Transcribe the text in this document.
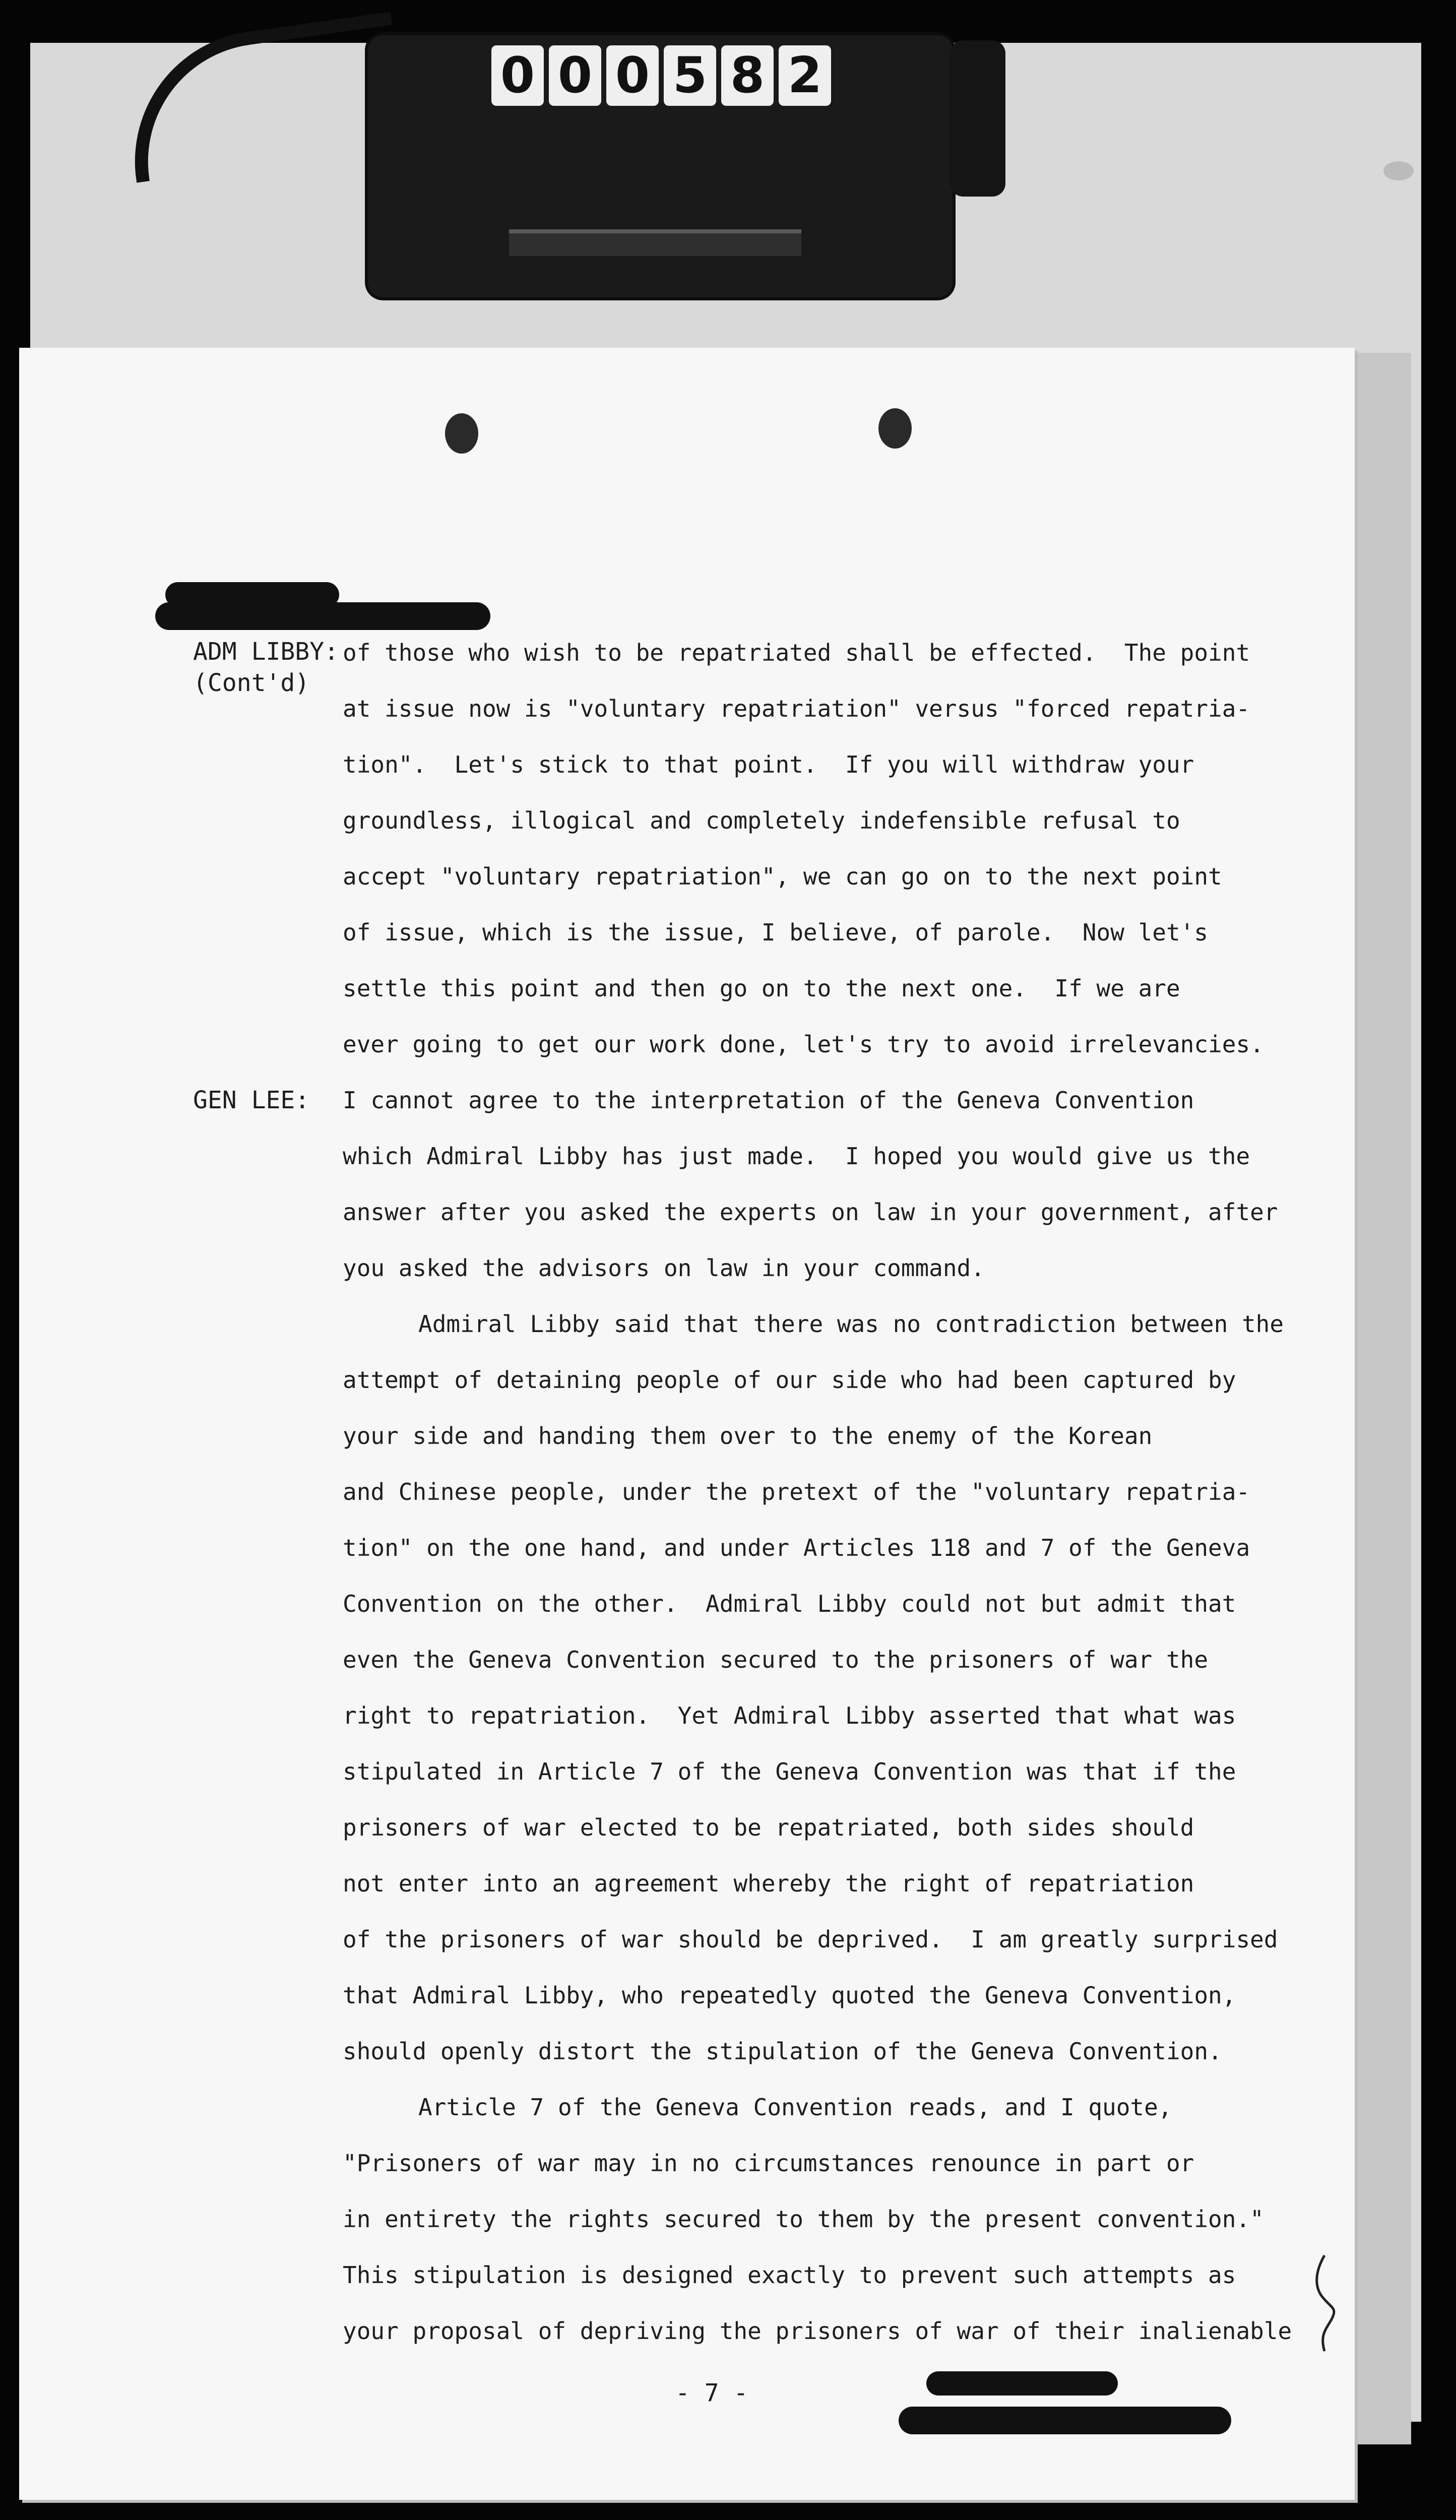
0 0 0 5 8 2
ADM LIBBY:
(Cont'd)
GEN LEE:
of those who wish to be repatriated shall be effected.  The point
at issue now is "voluntary repatriation" versus "forced repatria-
tion".  Let's stick to that point.  If you will withdraw your
groundless, illogical and completely indefensible refusal to
accept "voluntary repatriation", we can go on to the next point
of issue, which is the issue, I believe, of parole.  Now let's
settle this point and then go on to the next one.  If we are
ever going to get our work done, let's try to avoid irrelevancies.
I cannot agree to the interpretation of the Geneva Convention
which Admiral Libby has just made.  I hoped you would give us the
answer after you asked the experts on law in your government, after
you asked the advisors on law in your command.
Admiral Libby said that there was no contradiction between the
attempt of detaining people of our side who had been captured by
your side and handing them over to the enemy of the Korean
and Chinese people, under the pretext of the "voluntary repatria-
tion" on the one hand, and under Articles 118 and 7 of the Geneva
Convention on the other.  Admiral Libby could not but admit that
even the Geneva Convention secured to the prisoners of war the
right to repatriation.  Yet Admiral Libby asserted that what was
stipulated in Article 7 of the Geneva Convention was that if the
prisoners of war elected to be repatriated, both sides should
not enter into an agreement whereby the right of repatriation
of the prisoners of war should be deprived.  I am greatly surprised
that Admiral Libby, who repeatedly quoted the Geneva Convention,
should openly distort the stipulation of the Geneva Convention.
Article 7 of the Geneva Convention reads, and I quote,
"Prisoners of war may in no circumstances renounce in part or
in entirety the rights secured to them by the present convention."
This stipulation is designed exactly to prevent such attempts as
your proposal of depriving the prisoners of war of their inalienable
- 7 -
